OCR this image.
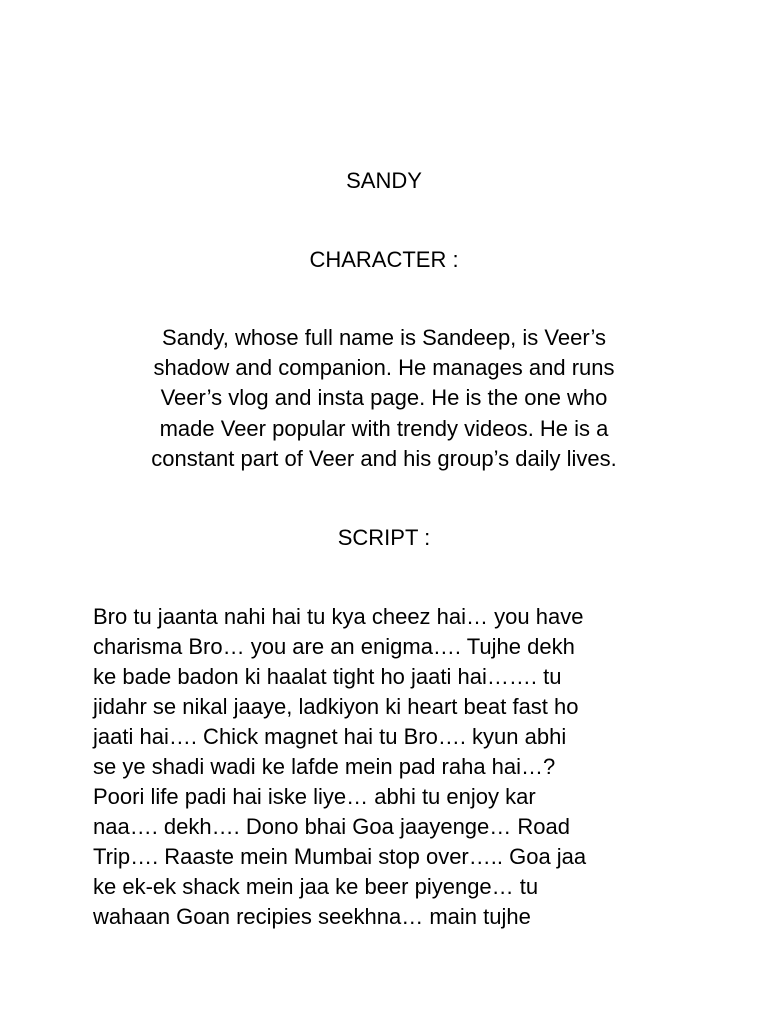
SANDY
CHARACTER :
Sandy, whose full name is Sandeep, is Veer’s
shadow and companion. He manages and runs
Veer’s vlog and insta page. He is the one who
made Veer popular with trendy videos. He is a
constant part of Veer and his group’s daily lives.
SCRIPT :
Bro tu jaanta nahi hai tu kya cheez hai… you have
charisma Bro… you are an enigma…. Tujhe dekh
ke bade badon ki haalat tight ho jaati hai……. tu
jidahr se nikal jaaye, ladkiyon ki heart beat fast ho
jaati hai…. Chick magnet hai tu Bro…. kyun abhi
se ye shadi wadi ke lafde mein pad raha hai…?
Poori life padi hai iske liye… abhi tu enjoy kar
naa…. dekh…. Dono bhai Goa jaayenge… Road
Trip…. Raaste mein Mumbai stop over….. Goa jaa
ke ek-ek shack mein jaa ke beer piyenge… tu
wahaan Goan recipies seekhna… main tujhe
